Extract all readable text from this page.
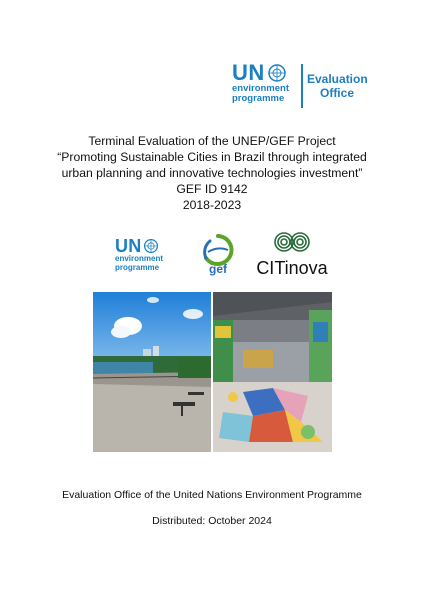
UN
environment
programme
Evaluation
Office
Terminal Evaluation of the UNEP/GEF Project
“Promoting Sustainable Cities in Brazil through integrated
urban planning and innovative technologies investment”
GEF ID 9142
2018-2023
UN
environment
programme	gef CITinova
Evaluation Office of the United Nations Environment Programme
Distributed: October 2024
